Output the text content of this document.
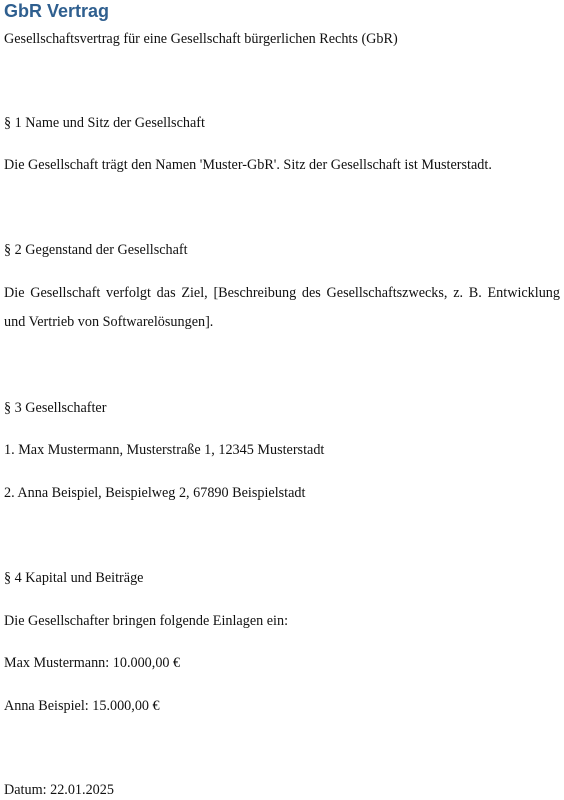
GbR Vertrag

Gesellschaftsvertrag für eine Gesellschaft bürgerlichen Rechts (GbR)

§ 1 Name und Sitz der Gesellschaft

Die Gesellschaft trägt den Namen 'Muster-GbR'. Sitz der Gesellschaft ist Musterstadt.

§ 2 Gegenstand der Gesellschaft

Die Gesellschaft verfolgt das Ziel, [Beschreibung des Gesellschaftszwecks, z. B. Entwicklung und Vertrieb von Softwarelösungen].

§ 3 Gesellschafter

1. Max Mustermann, Musterstraße 1, 12345 Musterstadt

2. Anna Beispiel, Beispielweg 2, 67890 Beispielstadt

§ 4 Kapital und Beiträge

Die Gesellschafter bringen folgende Einlagen ein:

Max Mustermann: 10.000,00 €

Anna Beispiel: 15.000,00 €

Datum: 22.01.2025
